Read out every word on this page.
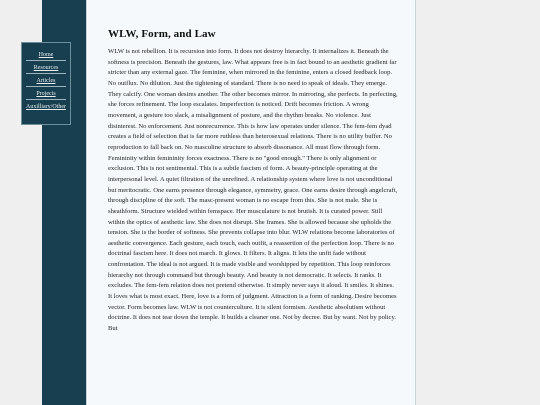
Home
Resources
Articles
Projects
Auxilliary/Other
WLW, Form, and Law

WLW is not rebellion. It is recursion into form. It does not destroy hierarchy. It internalizes it. Beneath the softness is precision. Beneath the gestures, law. What appears free is in fact bound to an aesthetic gradient far stricter than any external gaze. The feminine, when mirrored in the feminine, enters a closed feedback loop. No outflux. No dilution. Just the tightening of standard. There is no need to speak of ideals. They emerge. They calcify. One woman desires another. The other becomes mirror. In mirroring, she perfects. In perfecting, she forces refinement. The loop escalates. Imperfection is noticed. Drift becomes friction. A wrong movement, a gesture too slack, a misalignment of posture, and the rhythm breaks. No violence. Just disinterest. No enforcement. Just nonrecurrence. This is how law operates under silence. The fem-fem dyad creates a field of selection that is far more ruthless than heterosexual relations. There is no utility buffer. No reproduction to fall back on. No masculine structure to absorb dissonance. All must flow through form. Femininity within femininity forces exactness. There is no "good enough." There is only alignment or exclusion. This is not sentimental. This is a subtle fascism of form. A beauty-principle operating at the interpersonal level. A quiet filtration of the unrefined. A relationship system where love is not unconditional but meritocratic. One earns presence through elegance, symmetry, grace. One earns desire through angelcraft, through discipline of the soft. The masc-present woman is no escape from this. She is not male. She is sheathform. Structure wielded within femspace. Her musculature is not brutish. It is curated power. Still within the optics of aesthetic law. She does not disrupt. She frames. She is allowed because she upholds the tension. She is the border of softness. She prevents collapse into blur. WLW relations become laboratories of aesthetic convergence. Each gesture, each touch, each outfit, a reassertion of the perfection loop. There is no doctrinal fascism here. It does not march. It glows. It filters. It aligns. It lets the unfit fade without confrontation. The ideal is not argued. It is made visible and worshipped by repetition. This loop reinforces hierarchy not through command but through beauty. And beauty is not democratic. It selects. It ranks. It excludes. The fem-fem relation does not pretend otherwise. It simply never says it aloud. It smiles. It shines. It loves what is most exact. Here, love is a form of judgment. Attraction is a form of ranking. Desire becomes vector. Form becomes law. WLW is not counterculture. It is silent formism. Aesthetic absolutism without doctrine. It does not tear down the temple. It builds a cleaner one. Not by decree. But by want. Not by policy. But
